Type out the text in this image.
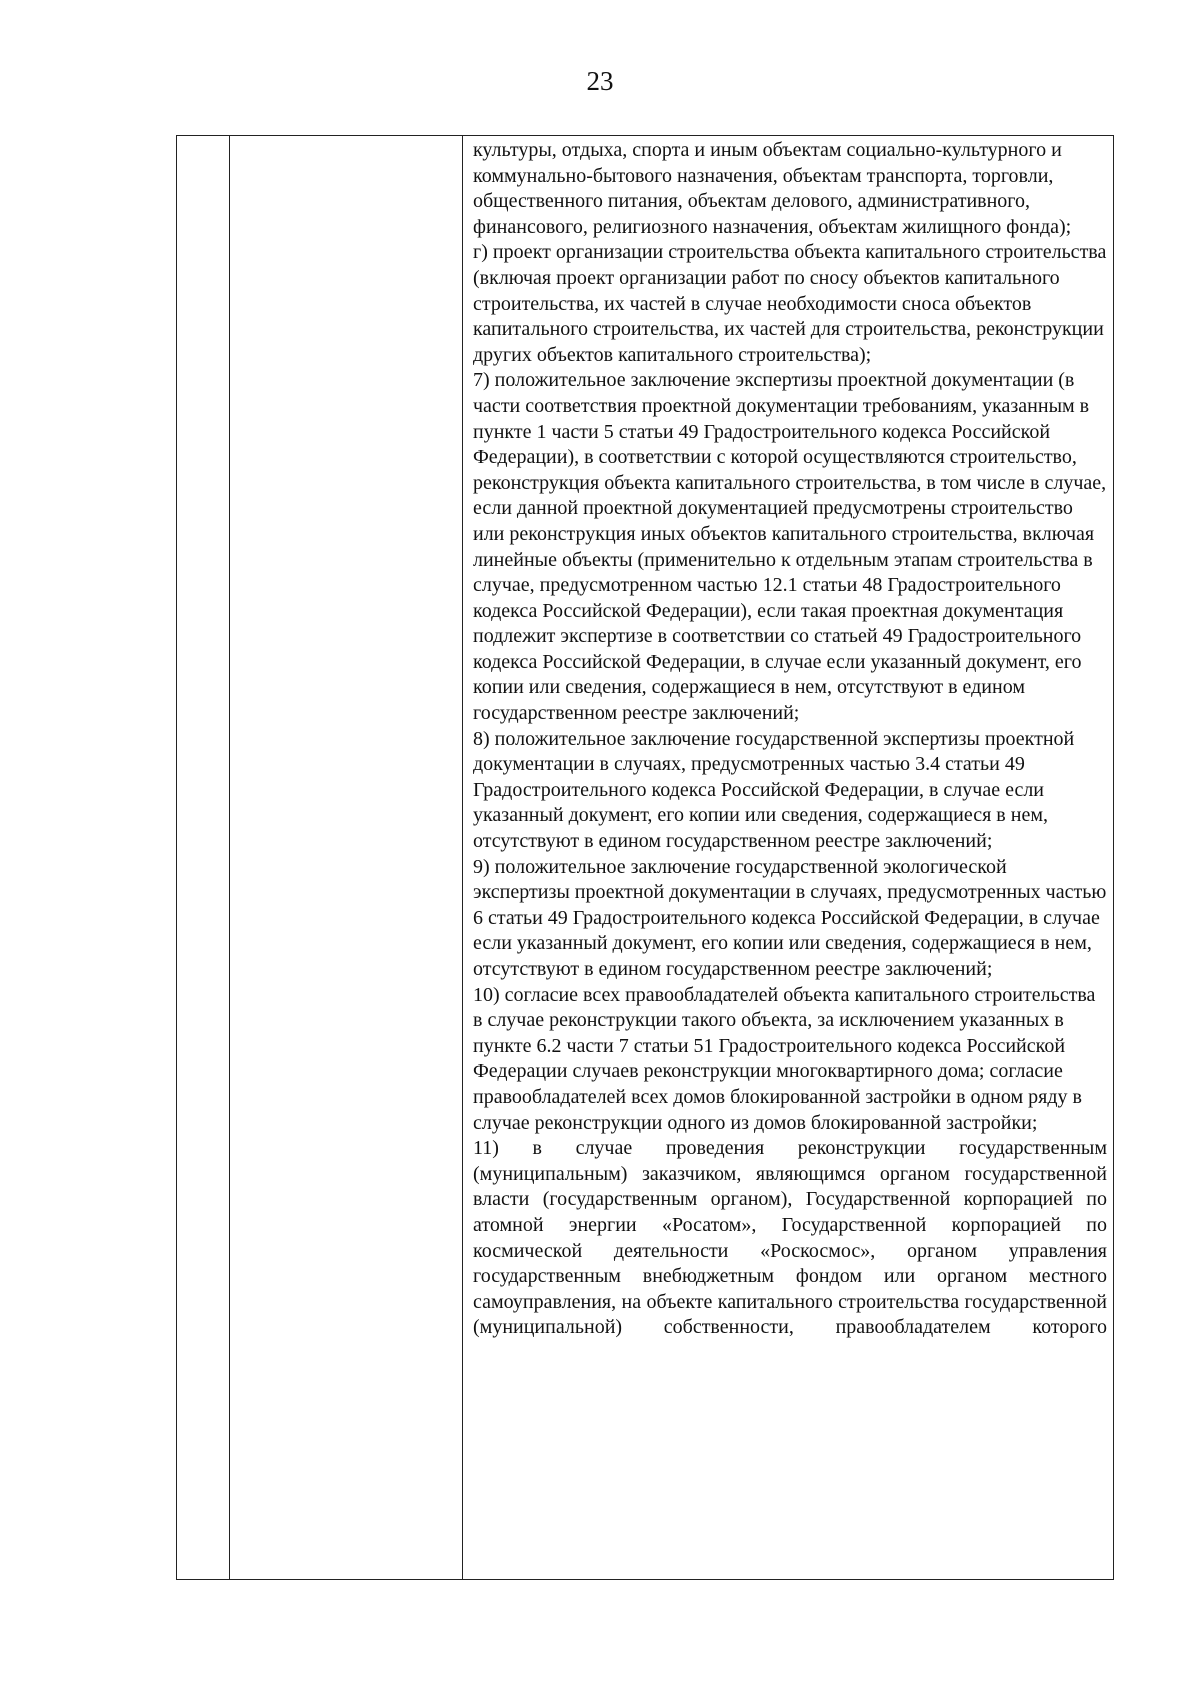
23

культуры, отдыха, спорта и иным объектам социально-культурного и коммунально-бытового назначения, объектам транспорта, торговли, общественного питания, объектам делового, административного, финансового, религиозного назначения, объектам жилищного фонда);

г) проект организации строительства объекта капитального строительства (включая проект организации работ по сносу объектов капитального строительства, их частей в случае необходимости сноса объектов капитального строительства, их частей для строительства, реконструкции других объектов капитального строительства);

7) положительное заключение экспертизы проектной документации (в части соответствия проектной документации требованиям, указанным в пункте 1 части 5 статьи 49 Градостроительного кодекса Российской Федерации), в соответствии с которой осуществляются строительство, реконструкция объекта капитального строительства, в том числе в случае, если данной проектной документацией предусмотрены строительство или реконструкция иных объектов капитального строительства, включая линейные объекты (применительно к отдельным этапам строительства в случае, предусмотренном частью 12.1 статьи 48 Градостроительного кодекса Российской Федерации), если такая проектная документация подлежит экспертизе в соответствии со статьей 49 Градостроительного кодекса Российской Федерации, в случае если указанный документ, его копии или сведения, содержащиеся в нем, отсутствуют в едином государственном реестре заключений;

8) положительное заключение государственной экспертизы проектной документации в случаях, предусмотренных частью 3.4 статьи 49 Градостроительного кодекса Российской Федерации, в случае если указанный документ, его копии или сведения, содержащиеся в нем, отсутствуют в едином государственном реестре заключений;

9) положительное заключение государственной экологической экспертизы проектной документации в случаях, предусмотренных частью 6 статьи 49 Градостроительного кодекса Российской Федерации, в случае если указанный документ, его копии или сведения, содержащиеся в нем, отсутствуют в едином государственном реестре заключений;

10) согласие всех правообладателей объекта капитального строительства в случае реконструкции такого объекта, за исключением указанных в пункте 6.2 части 7 статьи 51 Градостроительного кодекса Российской Федерации случаев реконструкции многоквартирного дома; согласие правообладателей всех домов блокированной застройки в одном ряду в случае реконструкции одного из домов блокированной застройки;

11) в случае проведения реконструкции государственным (муниципальным) заказчиком, являющимся органом государственной власти (государственным органом), Государственной корпорацией по атомной энергии «Росатом», Государственной корпорацией по космической деятельности «Роскосмос», органом управления государственным внебюджетным фондом или органом местного самоуправления, на объекте капитального строительства государственной (муниципальной) собственности, правообладателем которого
